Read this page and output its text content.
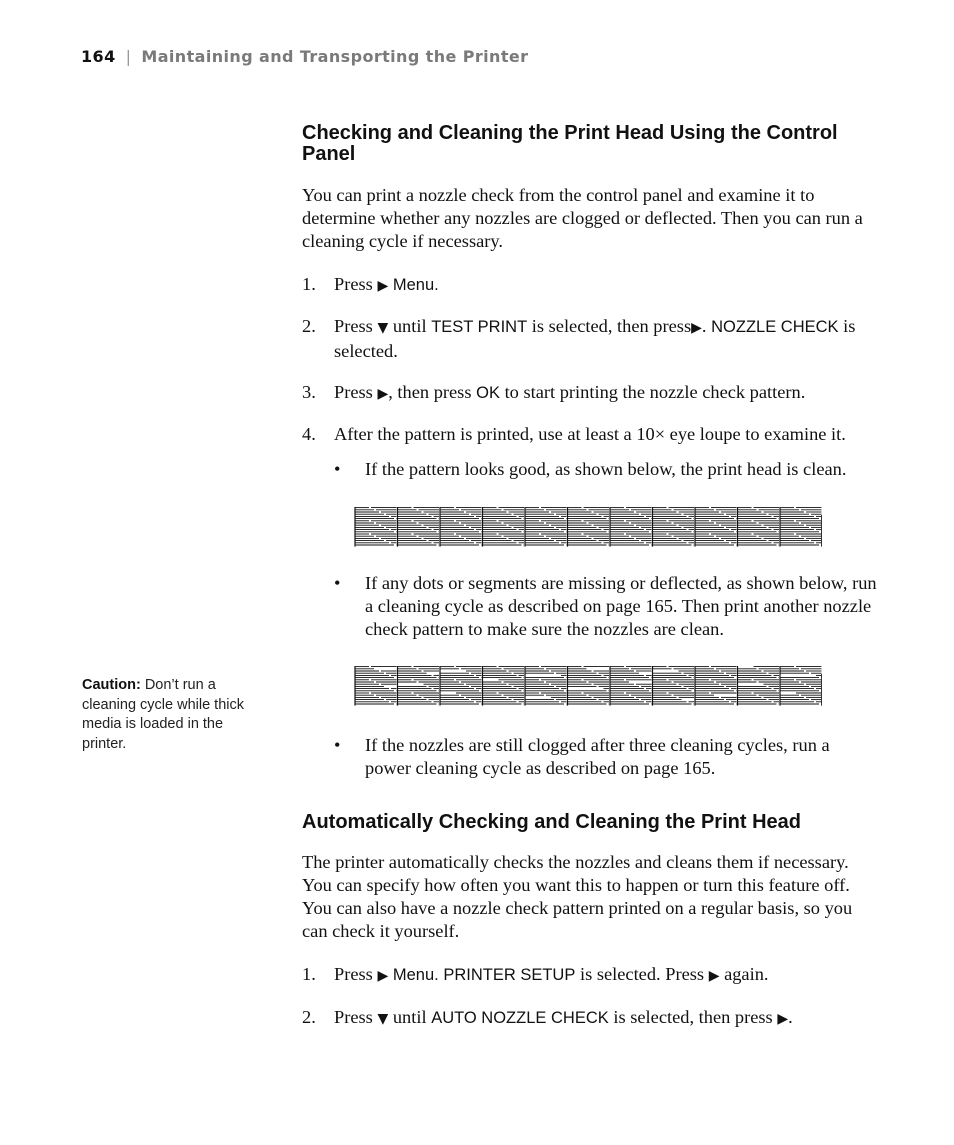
164 | Maintaining and Transporting the Printer
Caution: Don’t run a cleaning cycle while thick media is loaded in the printer.
Checking and Cleaning the Print Head Using the Control Panel

You can print a nozzle check from the control panel and examine it to determine whether any nozzles are clogged or deflected. Then you can run a cleaning cycle if necessary.

1. Press ▶ Menu.
2. Press ▼ until TEST PRINT is selected, then press▶. NOZZLE CHECK is selected.
3. Press ▶, then press OK to start printing the nozzle check pattern.
4. After the pattern is printed, use at least a 10× eye loupe to examine it.
• If the pattern looks good, as shown below, the print head is clean.
• If any dots or segments are missing or deflected, as shown below, run a cleaning cycle as described on page 165. Then print another nozzle check pattern to make sure the nozzles are clean.
• If the nozzles are still clogged after three cleaning cycles, run a power cleaning cycle as described on page 165.
Automatically Checking and Cleaning the Print Head

The printer automatically checks the nozzles and cleans them if necessary. You can specify how often you want this to happen or turn this feature off. You can also have a nozzle check pattern printed on a regular basis, so you can check it yourself.

1. Press ▶ Menu. PRINTER SETUP is selected. Press ▶ again.
2. Press ▼ until AUTO NOZZLE CHECK is selected, then press ▶.
